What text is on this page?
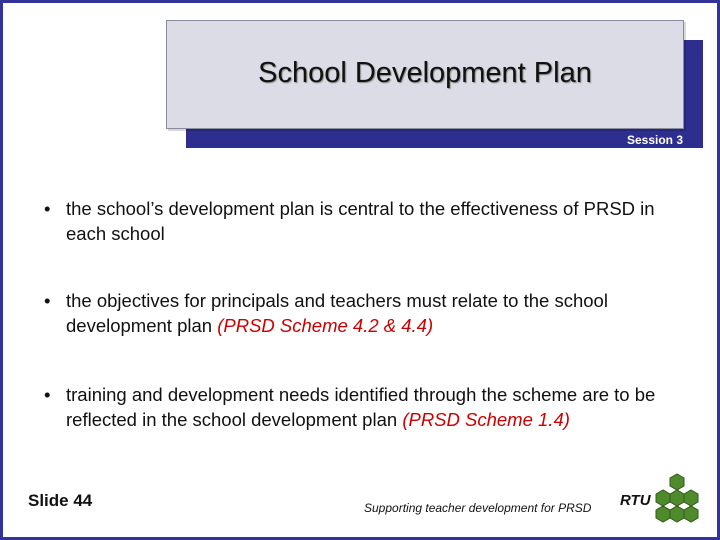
School Development Plan
Session 3
• the school’s development plan is central to the effectiveness of PRSD in each school
• the objectives for principals and teachers must relate to the school development plan (PRSD Scheme 4.2 & 4.4)
• training and development needs identified through the scheme are to be reflected in the school development plan (PRSD Scheme 1.4)
Slide 44	Supporting teacher development for PRSD RTU
